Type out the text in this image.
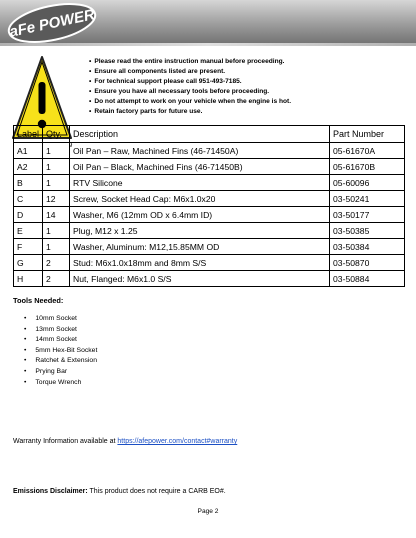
aFe POWER
9
• Please read the entire instruction manual before proceeding.
• Ensure all components listed are present.
• For technical support please call 951-493-7185.
• Ensure you have all necessary tools before proceeding.
• Do not attempt to work on your vehicle when the engine is hot.
• Retain factory parts for future use.
Label	Qty.	Description	Part Number
A1	1	Oil Pan – Raw, Machined Fins (46-71450A)	05-61670A
A2	1	Oil Pan – Black, Machined Fins (46-71450B)	05-61670B
B	1	RTV Silicone	05-60096
C	12	Screw, Socket Head Cap: M6x1.0x20	03-50241
D	14	Washer, M6 (12mm OD x 6.4mm ID)	03-50177
E	1	Plug, M12 x 1.25	03-50385
F	1	Washer, Aluminum: M12,15.85MM OD	03-50384
G	2	Stud: M6x1.0x18mm and 8mm S/S	03-50870
H	2	Nut, Flanged: M6x1.0 S/S	03-50884
Tools Needed:
• 10mm Socket
• 13mm Socket
• 14mm Socket
• 5mm Hex-Bit Socket
• Ratchet & Extension
• Prying Bar
• Torque Wrench
Warranty Information available at https://afepower.com/contact#warranty
Emissions Disclaimer: This product does not require a CARB EO#.
Page 2
